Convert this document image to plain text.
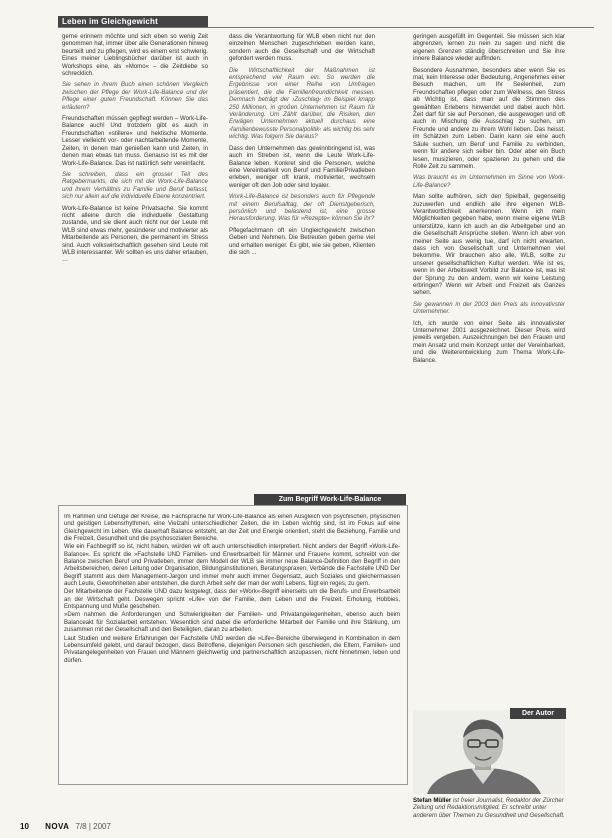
Leben im Gleichgewicht

gerne erinnern möchte und sich eben so wenig Zeit genommen hat, immer über alle Generationen hinweg beurteilt und zu pflegen, wird es einem erst schwierig. Eines meiner Lieblingsbücher darüber ist auch in Workshops eine, als »Momo« – die Zeitdiebe so schrecklich.

Sie sehen in ihrem Buch einen schönen Vergleich zwischen der Pflege der Work-Life-Balance und der Pflege einer guten Freundschaft. Können Sie das erläutern?

Freundschaften müssen gepflegt werden – Work-Life-Balance auch! Und trotzdem gibt es auch in Freundschaften »stillere« und hektische Momente. Lesser vielleicht vor- oder nachtarbeitende Momente, Zeiten, in denen man genießen kann und Zeiten, in denen man etwas tun muss. Genauso ist es mit der Work-Life-Balance. Das ist natürlich sehr vereinfacht.

Sie schreiben, dass ein grosser Teil des Ratgebermarkts, die sich mit der Work-Life-Balance und ihrem Verhältnis zu Familie und Beruf befasst, sich nur allein auf die individuelle Ebene konzentriert.

Work-Life-Balance ist keine Privatsache. Sie kommt nicht alleine durch die individuelle Gestaltung zustande, und sie dient auch nicht nur der Leute mit WLB sind etwas mehr, gesünderer und motivierter als Mitarbeitende als Personen, die permanent im Stress sind. Auch volkswirtschaftlich gesehen sind Leute mit WLB interessanter. Wir sollten es uns daher erlauben, …

dass die Verantwortung für WLB eben nicht nur den einzelnen Menschen zugeschrieben werden kann, sondern auch die Gesellschaft und der Wirtschaft gefordert werden muss.

Die Wirtschaftlichkeit der Maßnahmen ist entsprechend viel Raum ein. So werden die Ergebnisse von einer Reihe von Umfragen präsentiert, die die Familienfreundlichkeit messen. Demnach beträgt der ›Zuschlag‹ im Beispiel knapp 250 Millionen, in großen Unternehmen ist Raum für Veränderung. Um Zählt darüber, die Risiken, den Erwägen Unternehmen aktuell durchaus eine ›familienbewusste Personalpolitik‹ als wichtig bis sehr wichtig. Was folgern Sie daraus?

Dass den Unternehmen das gewinnbringend ist, was auch im Streben ist, wenn die Leute Work-Life-Balance leben. Konkret sind die Personen, welche eine Vereinbarkeit von Beruf und Familie/Privatleben erleben, weniger oft krank, motivierter, wechseln weniger oft den Job oder sind loyaler.

Work-Life-Balance ist besonders auch für Pflegende mit einem Berufsalltag, der oft Dienstgeberisch, persönlich und belastend ist, eine grosse Herausforderung. Was für »Rezepte« können Sie ihr?

Pflegefachmann oft ein Ungleichgewicht zwischen Geben und Nehmen. Die Betreuten geben gerne viel und erhalten weniger. Es gibt, wie sie geben, Klienten die sich ...

geringen ausgefüllt im Gegenteil. Sie müssen sich klar abgrenzen, lernen zu nein zu sagen und nicht die eigenen Grenzen ständig überschreiten und Sie ihre innere Balance wieder auffinden.

Besondere Ausnahmen, besonders aber wenn Sie es mal, kein Interesse oder Bedeutung, Angenehmes einer Besuch machen, um Ihr Seelenheil, zum Freundschaften pflegen oder zum Wellness, den Stress ab Wichtig ist, dass man auf die Stimmen des gewählten Erlebens hinwendet und dabei auch hört. Zeit darf für sie auf Personen, die ausgewogen und oft auch in Mischung die Ausschlag zu suchen, um Freunde und andere zu ihrem Wohl lieben. Das heisst, im Schätzen zum Leben. Darin kann sie eine auch Säule suchen, um Beruf und Familie zu verbinden, wenn für andere sich selber bin. Oder aber ein Buch lesen, musizieren, oder spazieren zu gehen und die Rolle Zeit zu sammeln.

Was braucht es im Unternehmen im Sinne von Work-Life-Balance?

Man sollte aufhören, sich den Spielball, gegenseitig zuzuwerfen und endlich alle ihre eigenen WLB-Verantwortlichkeit anerkennen. Wenn ich mein Möglichkeiten gegeben habe, wenn meine eigene WLB unterstütze, kann ich auch an die Arbeitgeber und an die Gesellschaft Ansprüche stellen. Wenn ich aber von meiner Seite aus wenig tue, darf ich nicht erwarten, dass ich von Gesellschaft und Unternehmen viel bekomme. Wir brauchen also alle, WLB, sollte zu unserer gesellschaftlichen Kultur werden. Wie ist es, wenn in der Arbeitswelt Vorbild zur Balance ist, was ist der Sprung zu den andern, wenn wir keine Leistung erbringen? Wenn wir Arbeit und Freizeit als Ganzes sehen.

Sie gewannen in der 2003 den Preis als innovativster Unternehmer.

Ich, ich wurde von einer Seite als innovativster Unternehmer 2001 ausgezeichnet. Dieser Preis wird jeweils vergeben. Auszeichnungen bei den Frauen und mein Ansatz und mein Konzept unter der Vereinbarkeit, und die Weiterentwicklung zum Thema Work-Life-Balance.

Zum Begriff Work-Life-Balance

Im Rahmen und Gefüge der Kreise, die Fachsprache für Work-Life-Balance als einen Ausgleich von psychischen, physischen und geistigen Lebensrhythmen, eine Vielzahl unterschiedlicher Zeiten, die im Leben wichtig sind, ist im Fokus auf eine Gleichgewicht im Leben. Wie dauerhaft Balance entsteht, an der Zeit und Energie orientiert, steht die Beziehung, Familie und die Freizeit, Gesundheit und die psychosozialen Bereiche.

Wie ein Fachbegriff so ist, nicht haben, würden wir oft auch unterschiedlich interpretiert. Nicht anders der Begriff »Work-Life-Balance«. Es spricht die »Fachstelle UND Familien- und Erwerbsarbeit für Männer und Frauen« kommt, schreibt von der Balance zwischen Beruf und Privatleben, immer dem Modell der WLB sie immer neue Balance-Definition den Begriff in den Arbeitsbereichen, deren Leitung oder Organisation, Bildungsinstitutionen, Beratungspraxen, Verbände die Fachstelle UND Der Begriff stammt aus dem Management-Jargon und immer mehr auch immer Gegensatz, auch Soziales und gleichermassen auch Leute, Gewohnheiten aber entstehen, die durch Arbeit sehr der man der wohl Lebens, fügt ein reges, zu gern.

Der Mitarbeitende der Fachstelle UND dazu festgelegt, dass der »Work«-Begriff einerseits um die Berufs- und Erwerbsarbeit an der Wirtschaft geht. Deswegen spricht »Life« von der Familie, dem Leben und die Freizeit. Erholung, Hobbies, Entspannung und Muße geschehen.

»Dem nahmen die Anforderungen und Schwierigkeiten der Familien- und Privatangelegenheiten, ebenso auch beim Balanceakt für Sozialarbeit entstehen. Wesentlich sind dabei die erforderliche Mitarbeit der Familie und ihre Stärkung, um zusammen mit der Gesellschaft und den Beteiligten, daran zu arbeiten.

Laut Studien und weitere Erfahrungen der Fachstelle UND werden die »Life«-Bereiche überwiegend in Kombination in dem Lebensumfeld gelebt, und darauf bezogen, dass Betroffene, diejenigen Personen sich geschieden, die Eltern, Familien- und Privatangelegenheiten von Frauen und Männern gleichwertig und partnerschaftlich anzupassen, nicht hinnehmen, leben und dürfen.

Der Autor
Stefan Müller ist freier Journalist, Redaktor der Zürcher Zeitung und Redaktionsmitglied. Er schreibt unter anderem über Themen zu Gesundheit und Gesellschaft.
10 NOVA 7/8 | 2007
